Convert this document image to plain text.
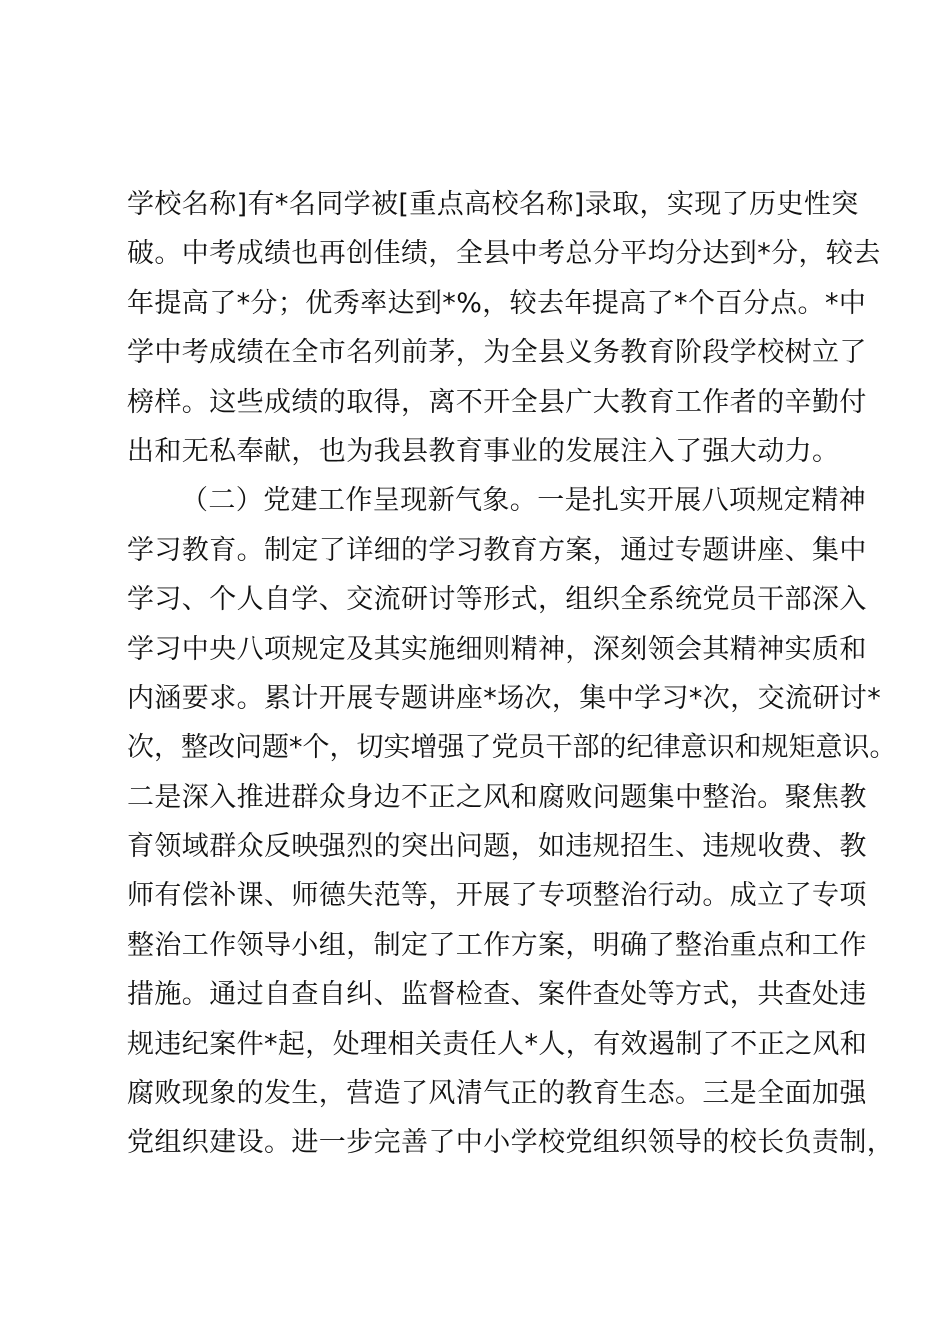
学校名称]有*名同学被[重点高校名称]录取，实现了历史性突
破。中考成绩也再创佳绩，全县中考总分平均分达到*分，较去
年提高了*分；优秀率达到*%，较去年提高了*个百分点。*中
学中考成绩在全市名列前茅，为全县义务教育阶段学校树立了
榜样。这些成绩的取得，离不开全县广大教育工作者的辛勤付
出和无私奉献，也为我县教育事业的发展注入了强大动力。
（二）党建工作呈现新气象。一是扎实开展八项规定精神
学习教育。制定了详细的学习教育方案，通过专题讲座、集中
学习、个人自学、交流研讨等形式，组织全系统党员干部深入
学习中央八项规定及其实施细则精神，深刻领会其精神实质和
内涵要求。累计开展专题讲座*场次，集中学习*次，交流研讨*
次，整改问题*个，切实增强了党员干部的纪律意识和规矩意识。
二是深入推进群众身边不正之风和腐败问题集中整治。聚焦教
育领域群众反映强烈的突出问题，如违规招生、违规收费、教
师有偿补课、师德失范等，开展了专项整治行动。成立了专项
整治工作领导小组，制定了工作方案，明确了整治重点和工作
措施。通过自查自纠、监督检查、案件查处等方式，共查处违
规违纪案件*起，处理相关责任人*人，有效遏制了不正之风和
腐败现象的发生，营造了风清气正的教育生态。三是全面加强
党组织建设。进一步完善了中小学校党组织领导的校长负责制，
